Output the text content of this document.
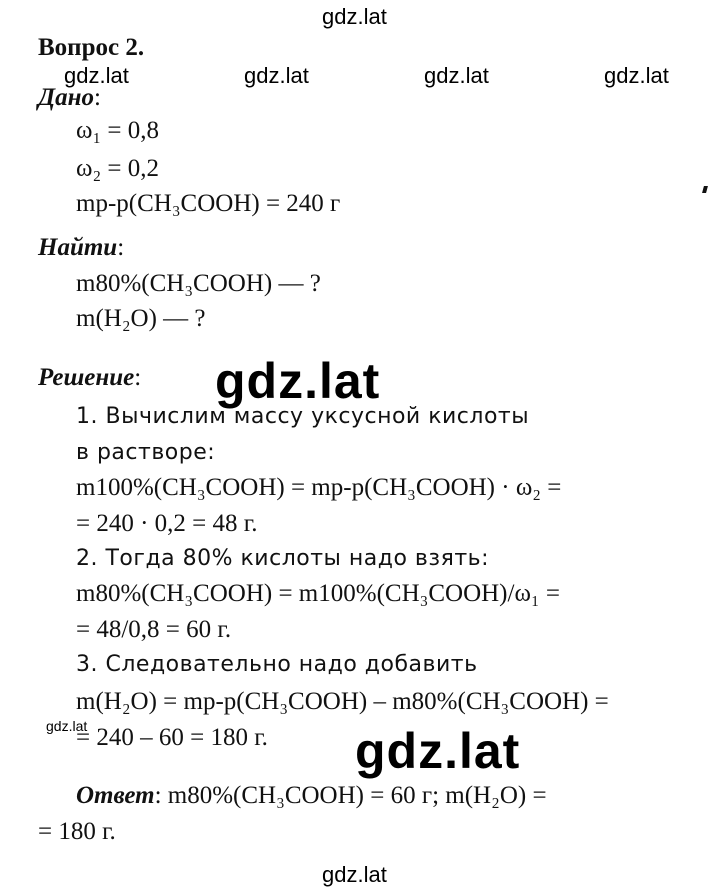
gdz.lat
gdz.lat	gdz.lat	gdz.lat	gdz.lat
gdz.lat
gdz.lat
gdz.lat
gdz.lat
Вопрос 2.
Дано:
ω₁ = 0,8
ω₂ = 0,2
mр-р(CH₃COOH) = 240 г
Найти:
m80%(CH₃COOH) — ?
m(H₂O) — ?
Решение:
1. Вычислим массу уксусной кислоты
в растворе:
m100%(CH₃COOH) = mр-р(CH₃COOH) · ω₂ =
= 240 · 0,2 = 48 г.
2. Тогда 80% кислоты надо взять:
m80%(CH₃COOH) = m100%(CH₃COOH)/ω₁ =
= 48/0,8 = 60 г.
3. Следовательно надо добавить
m(H₂O) = mр-р(CH₃COOH) – m80%(CH₃COOH) =
= 240 – 60 = 180 г.
Ответ: m80%(CH₃COOH) = 60 г; m(H₂O) =
= 180 г.
